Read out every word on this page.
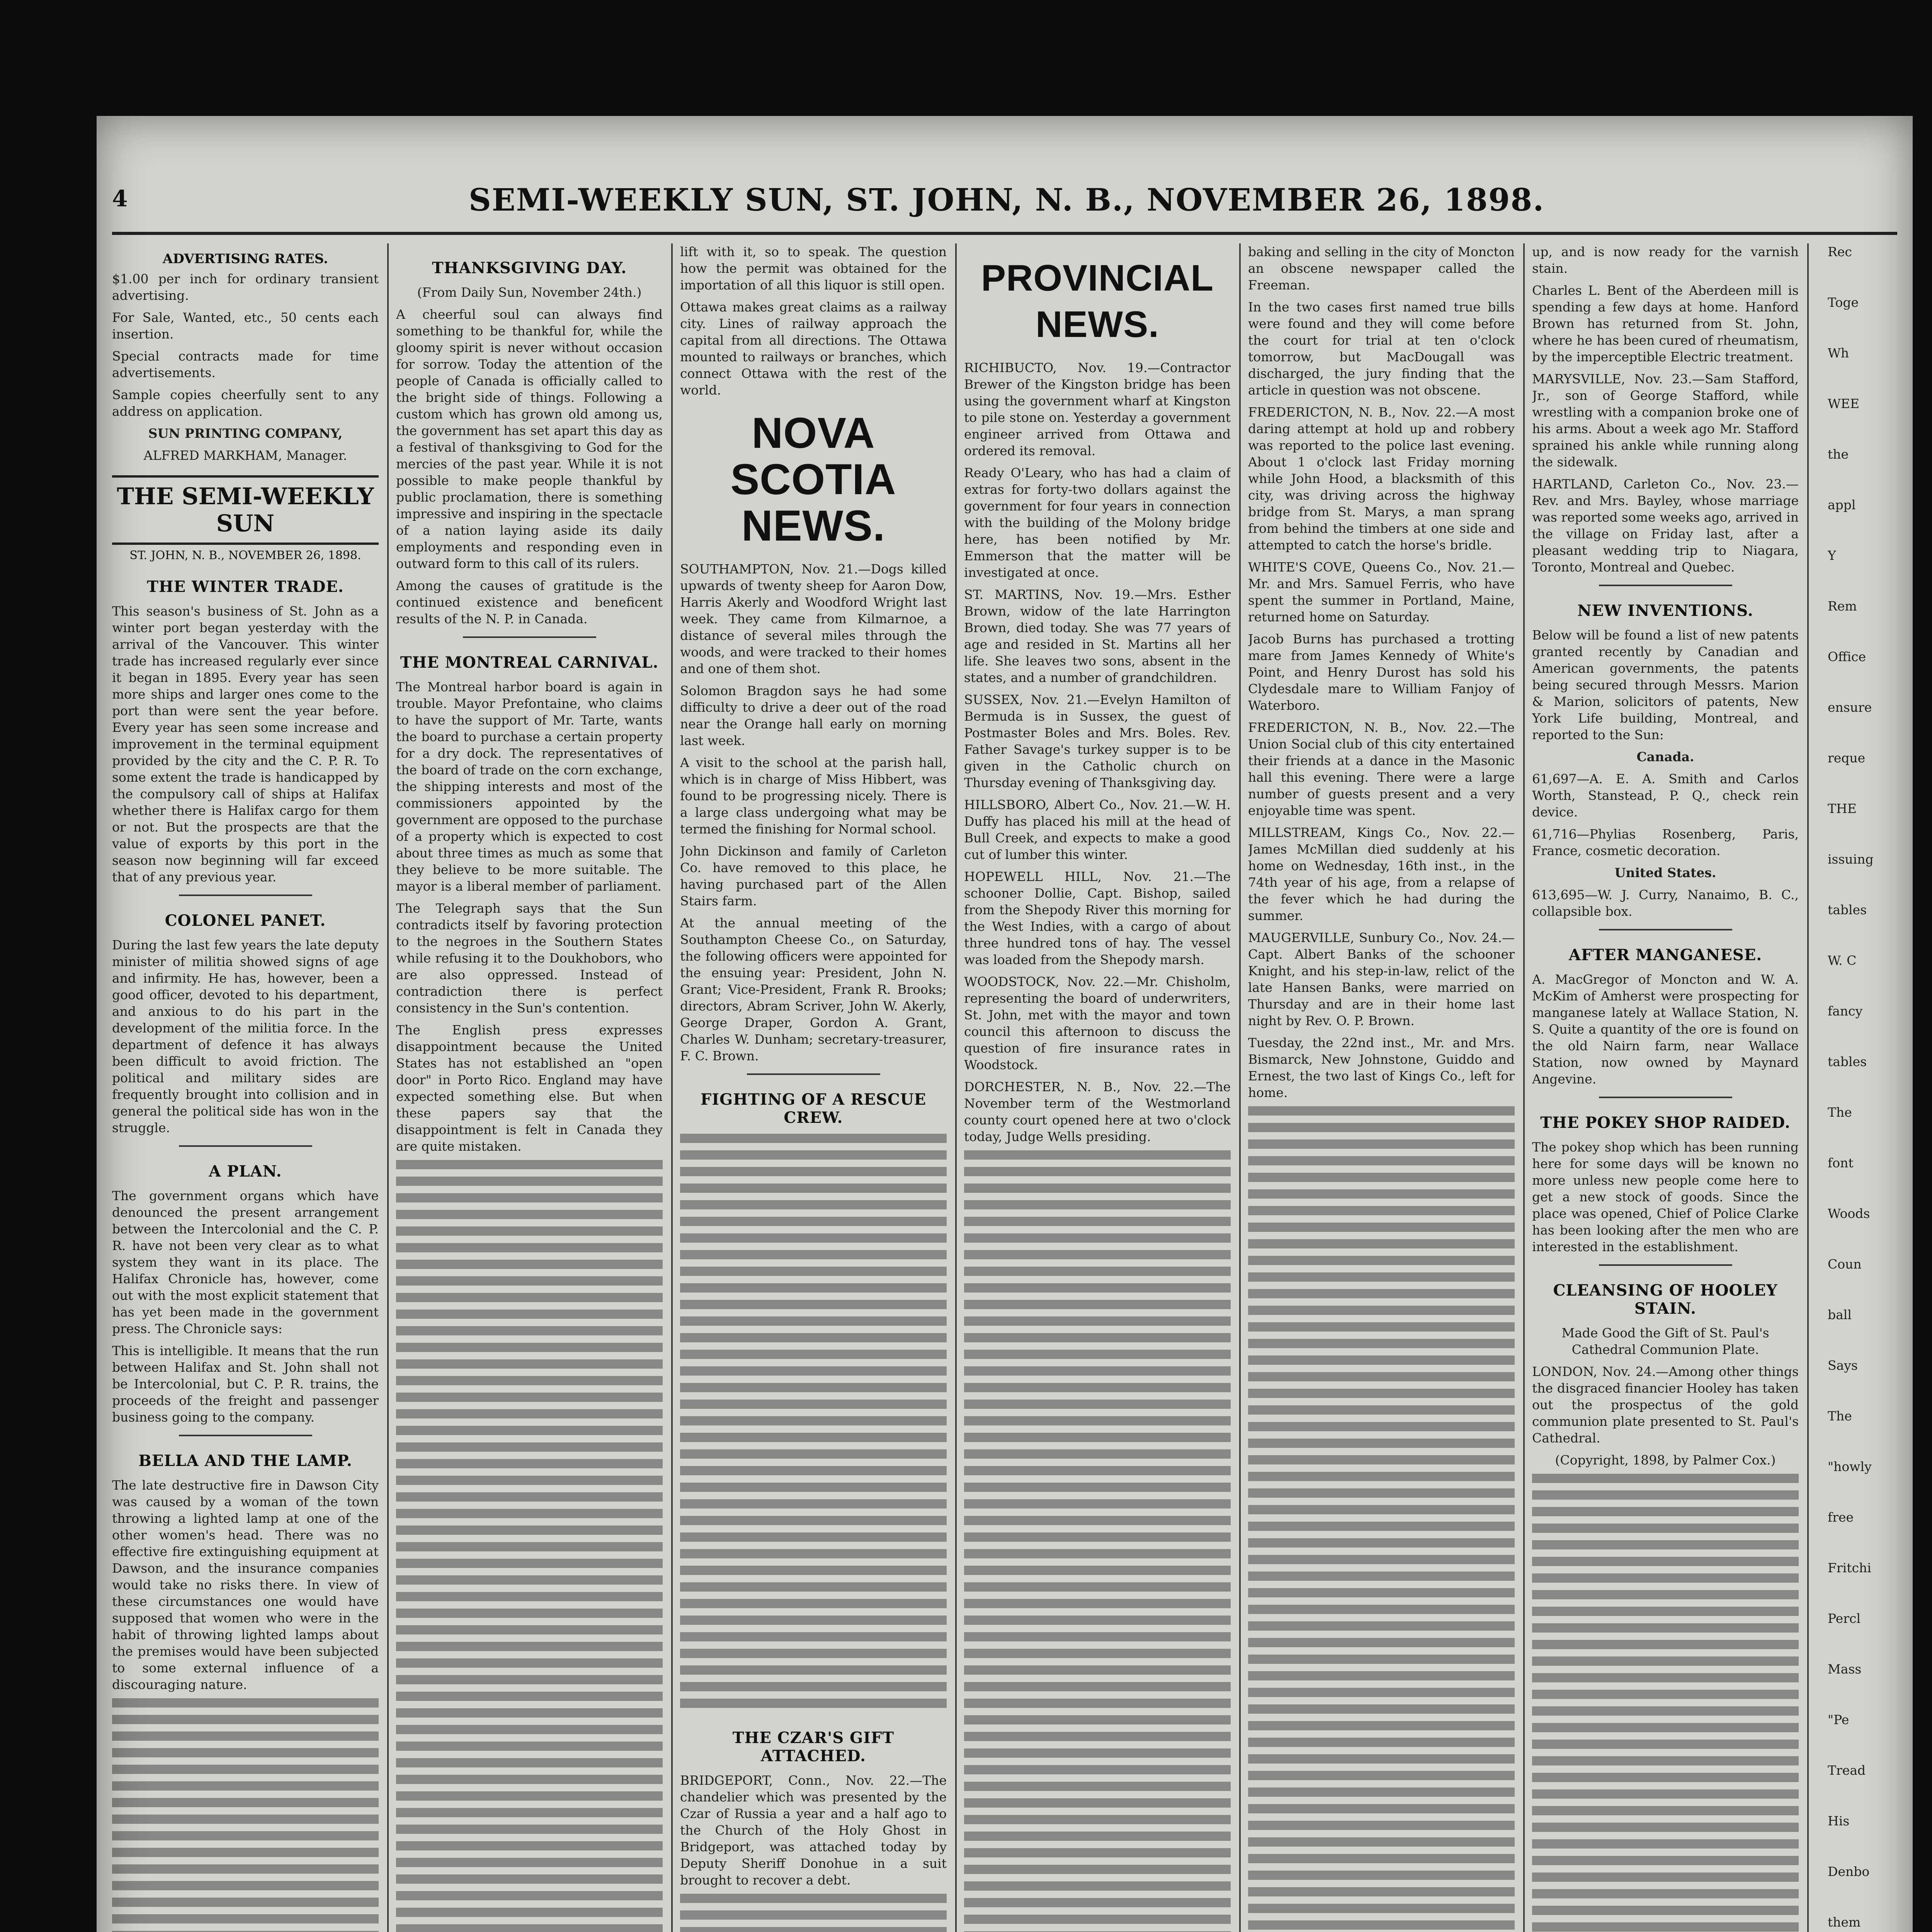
4	SEMI-WEEKLY SUN, ST. JOHN, N. B., NOVEMBER 26, 1898.
ADVERTISING RATES.

$1.00 per inch for ordinary transient advertising.

For Sale, Wanted, etc., 50 cents each insertion.

Special contracts made for time advertisements.

Sample copies cheerfully sent to any address on application.

SUN PRINTING COMPANY,

ALFRED MARKHAM, Manager.

THE SEMI-WEEKLY SUN
ST. JOHN, N. B., NOVEMBER 26, 1898.
THE WINTER TRADE.

This season's business of St. John as a winter port began yesterday with the arrival of the Vancouver. This winter trade has increased regularly ever since it began in 1895. Every year has seen more ships and larger ones come to the port than were sent the year before. Every year has seen some increase and improvement in the terminal equipment provided by the city and the C. P. R. To some extent the trade is handicapped by the compulsory call of ships at Halifax whether there is Halifax cargo for them or not. But the prospects are that the value of exports by this port in the season now beginning will far exceed that of any previous year.

COLONEL PANET.

During the last few years the late deputy minister of militia showed signs of age and infirmity. He has, however, been a good officer, devoted to his department, and anxious to do his part in the development of the militia force. In the department of defence it has always been difficult to avoid friction. The political and military sides are frequently brought into collision and in general the political side has won in the struggle.

A PLAN.

The government organs which have denounced the present arrangement between the Intercolonial and the C. P. R. have not been very clear as to what system they want in its place. The Halifax Chronicle has, however, come out with the most explicit statement that has yet been made in the government press. The Chronicle says:

This is intelligible. It means that the run between Halifax and St. John shall not be Intercolonial, but C. P. R. trains, the proceeds of the freight and passenger business going to the company.

BELLA AND THE LAMP.

The late destructive fire in Dawson City was caused by a woman of the town throwing a lighted lamp at one of the other women's head. There was no effective fire extinguishing equipment at Dawson, and the insurance companies would take no risks there. In view of these circumstances one would have supposed that women who were in the habit of throwing lighted lamps about the premises would have been subjected to some external influence of a discouraging nature.

THANKSGIVING DAY.

(From Daily Sun, November 24th.)

A cheerful soul can always find something to be thankful for, while the gloomy spirit is never without occasion for sorrow. Today the attention of the people of Canada is officially called to the bright side of things. Following a custom which has grown old among us, the government has set apart this day as a festival of thanksgiving to God for the mercies of the past year. While it is not possible to make people thankful by public proclamation, there is something impressive and inspiring in the spectacle of a nation laying aside its daily employments and responding even in outward form to this call of its rulers.

Among the causes of gratitude is the continued existence and beneficent results of the N. P. in Canada.

THE MONTREAL CARNIVAL.

The Montreal harbor board is again in trouble. Mayor Prefontaine, who claims to have the support of Mr. Tarte, wants the board to purchase a certain property for a dry dock. The representatives of the board of trade on the corn exchange, the shipping interests and most of the commissioners appointed by the government are opposed to the purchase of a property which is expected to cost about three times as much as some that they believe to be more suitable. The mayor is a liberal member of parliament.

The Telegraph says that the Sun contradicts itself by favoring protection to the negroes in the Southern States while refusing it to the Doukhobors, who are also oppressed. Instead of contradiction there is perfect consistency in the Sun's contention.

The English press expresses disappointment because the United States has not established an "open door" in Porto Rico. England may have expected something else. But when these papers say that the disappointment is felt in Canada they are quite mistaken.

lift with it, so to speak. The question how the permit was obtained for the importation of all this liquor is still open.

Ottawa makes great claims as a railway city. Lines of railway approach the capital from all directions. The Ottawa mounted to railways or branches, which connect Ottawa with the rest of the world.

NOVA SCOTIA NEWS.

SOUTHAMPTON, Nov. 21.—Dogs killed upwards of twenty sheep for Aaron Dow, Harris Akerly and Woodford Wright last week. They came from Kilmarnoe, a distance of several miles through the woods, and were tracked to their homes and one of them shot.

Solomon Bragdon says he had some difficulty to drive a deer out of the road near the Orange hall early on morning last week.

A visit to the school at the parish hall, which is in charge of Miss Hibbert, was found to be progressing nicely. There is a large class undergoing what may be termed the finishing for Normal school.

John Dickinson and family of Carleton Co. have removed to this place, he having purchased part of the Allen Stairs farm.

At the annual meeting of the Southampton Cheese Co., on Saturday, the following officers were appointed for the ensuing year: President, John N. Grant; Vice-President, Frank R. Brooks; directors, Abram Scriver, John W. Akerly, George Draper, Gordon A. Grant, Charles W. Dunham; secretary-treasurer, F. C. Brown.

FIGHTING OF A RESCUE CREW.
THE CZAR'S GIFT ATTACHED.

BRIDGEPORT, Conn., Nov. 22.—The chandelier which was presented by the Czar of Russia a year and a half ago to the Church of the Holy Ghost in Bridgeport, was attached today by Deputy Sheriff Donohue in a suit brought to recover a debt.

PROVINCIAL NEWS.

RICHIBUCTO, Nov. 19.—Contractor Brewer of the Kingston bridge has been using the government wharf at Kingston to pile stone on. Yesterday a government engineer arrived from Ottawa and ordered its removal.

Ready O'Leary, who has had a claim of extras for forty-two dollars against the government for four years in connection with the building of the Molony bridge here, has been notified by Mr. Emmerson that the matter will be investigated at once.

ST. MARTINS, Nov. 19.—Mrs. Esther Brown, widow of the late Harrington Brown, died today. She was 77 years of age and resided in St. Martins all her life. She leaves two sons, absent in the states, and a number of grandchildren.

SUSSEX, Nov. 21.—Evelyn Hamilton of Bermuda is in Sussex, the guest of Postmaster Boles and Mrs. Boles. Rev. Father Savage's turkey supper is to be given in the Catholic church on Thursday evening of Thanksgiving day.

HILLSBORO, Albert Co., Nov. 21.—W. H. Duffy has placed his mill at the head of Bull Creek, and expects to make a good cut of lumber this winter.

HOPEWELL HILL, Nov. 21.—The schooner Dollie, Capt. Bishop, sailed from the Shepody River this morning for the West Indies, with a cargo of about three hundred tons of hay. The vessel was loaded from the Shepody marsh.

WOODSTOCK, Nov. 22.—Mr. Chisholm, representing the board of underwriters, St. John, met with the mayor and town council this afternoon to discuss the question of fire insurance rates in Woodstock.

DORCHESTER, N. B., Nov. 22.—The November term of the Westmorland county court opened here at two o'clock today, Judge Wells presiding.

baking and selling in the city of Moncton an obscene newspaper called the Freeman.

In the two cases first named true bills were found and they will come before the court for trial at ten o'clock tomorrow, but MacDougall was discharged, the jury finding that the article in question was not obscene.

FREDERICTON, N. B., Nov. 22.—A most daring attempt at hold up and robbery was reported to the police last evening. About 1 o'clock last Friday morning while John Hood, a blacksmith of this city, was driving across the highway bridge from St. Marys, a man sprang from behind the timbers at one side and attempted to catch the horse's bridle.

WHITE'S COVE, Queens Co., Nov. 21.—Mr. and Mrs. Samuel Ferris, who have spent the summer in Portland, Maine, returned home on Saturday.

Jacob Burns has purchased a trotting mare from James Kennedy of White's Point, and Henry Durost has sold his Clydesdale mare to William Fanjoy of Waterboro.

FREDERICTON, N. B., Nov. 22.—The Union Social club of this city entertained their friends at a dance in the Masonic hall this evening. There were a large number of guests present and a very enjoyable time was spent.

MILLSTREAM, Kings Co., Nov. 22.—James McMillan died suddenly at his home on Wednesday, 16th inst., in the 74th year of his age, from a relapse of the fever which he had during the summer.

MAUGERVILLE, Sunbury Co., Nov. 24.—Capt. Albert Banks of the schooner Knight, and his step-in-law, relict of the late Hansen Banks, were married on Thursday and are in their home last night by Rev. O. P. Brown.

Tuesday, the 22nd inst., Mr. and Mrs. Bismarck, New Johnstone, Guiddo and Ernest, the two last of Kings Co., left for home.

up, and is now ready for the varnish stain.

Charles L. Bent of the Aberdeen mill is spending a few days at home. Hanford Brown has returned from St. John, where he has been cured of rheumatism, by the imperceptible Electric treatment.

MARYSVILLE, Nov. 23.—Sam Stafford, Jr., son of George Stafford, while wrestling with a companion broke one of his arms. About a week ago Mr. Stafford sprained his ankle while running along the sidewalk.

HARTLAND, Carleton Co., Nov. 23.—Rev. and Mrs. Bayley, whose marriage was reported some weeks ago, arrived in the village on Friday last, after a pleasant wedding trip to Niagara, Toronto, Montreal and Quebec.

NEW INVENTIONS.

Below will be found a list of new patents granted recently by Canadian and American governments, the patents being secured through Messrs. Marion & Marion, solicitors of patents, New York Life building, Montreal, and reported to the Sun:

Canada.

61,697—A. E. A. Smith and Carlos Worth, Stanstead, P. Q., check rein device.

61,716—Phylias Rosenberg, Paris, France, cosmetic decoration.

United States.

613,695—W. J. Curry, Nanaimo, B. C., collapsible box.

AFTER MANGANESE.

A. MacGregor of Moncton and W. A. McKim of Amherst were prospecting for manganese lately at Wallace Station, N. S. Quite a quantity of the ore is found on the old Nairn farm, near Wallace Station, now owned by Maynard Angevine.

THE POKEY SHOP RAIDED.

The pokey shop which has been running here for some days will be known no more unless new people come here to get a new stock of goods. Since the place was opened, Chief of Police Clarke has been looking after the men who are interested in the establishment.

CLEANSING OF HOOLEY STAIN.

Made Good the Gift of St. Paul's Cathedral Communion Plate.

LONDON, Nov. 24.—Among other things the disgraced financier Hooley has taken out the prospectus of the gold communion plate presented to St. Paul's Cathedral.

(Copyright, 1898, by Palmer Cox.)

Rec

Toge

Wh

WEE

the

appl

Y

Rem

Office

ensure

reque

THE

issuing

tables

W. C

fancy

tables

The

font

Woods

Coun

ball

Says

The

"howly

free

Fritchi

Percl

Mass

"Pe

Tread

His

Denbo

them
